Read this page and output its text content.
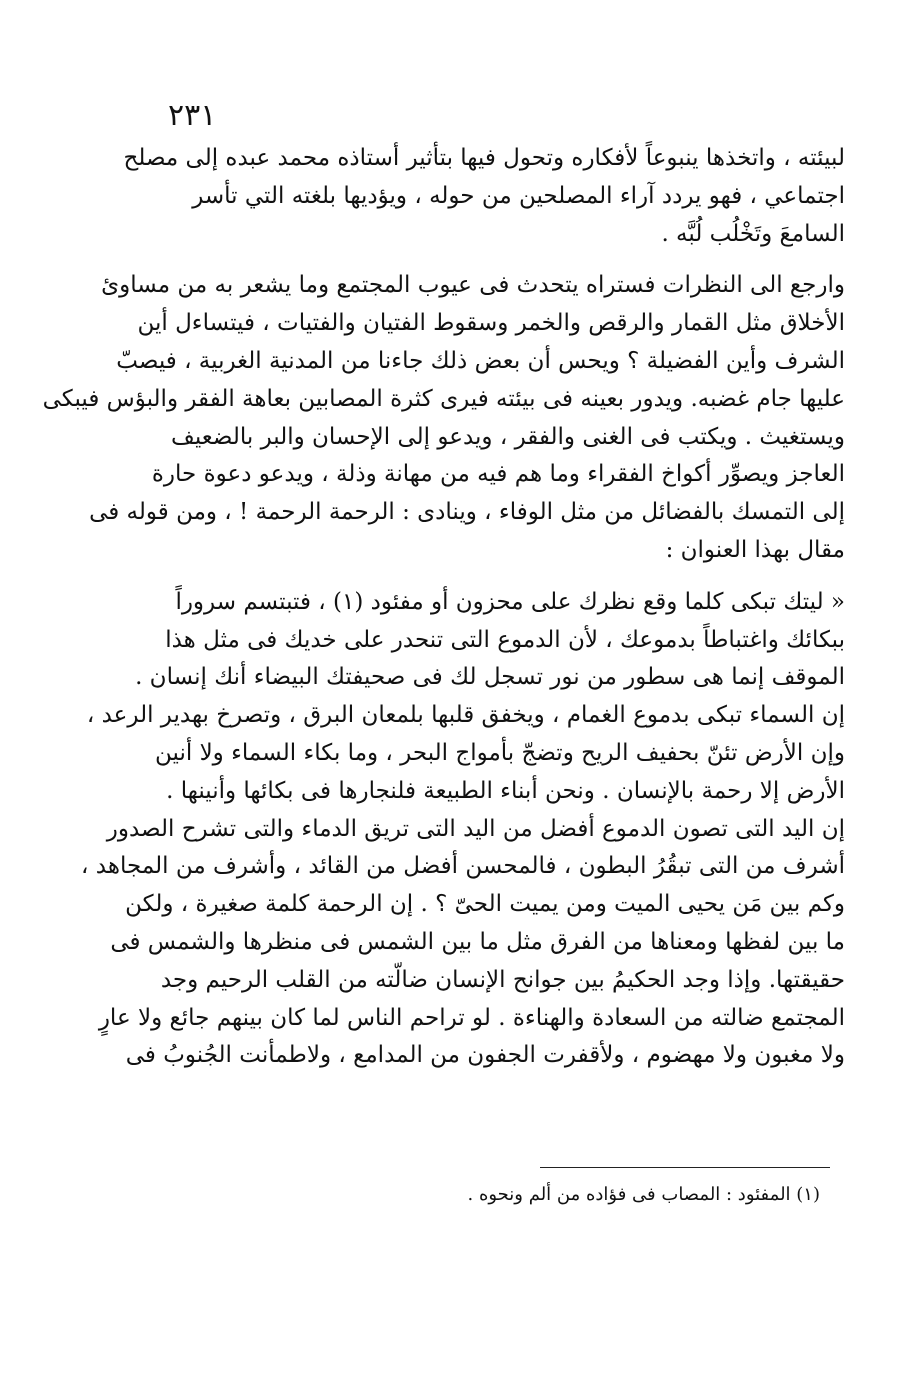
٢٣١
لبيئته ، واتخذها ينبوعاً لأفكاره وتحول فيها بتأثير أستاذه محمد عبده إلى مصلح
اجتماعي ، فهو يردد آراء المصلحين من حوله ، ويؤديها بلغته التي تأسر
السامعَ وتَخْلُب لُبَّه .
وارجع الى النظرات فستراه يتحدث فى عيوب المجتمع وما يشعر به من مساوئ
الأخلاق مثل القمار والرقص والخمر وسقوط الفتيان والفتيات ، فيتساءل أين
الشرف وأين الفضيلة ؟ ويحس أن بعض ذلك جاءنا من المدنية الغربية ، فيصبّ
عليها جام غضبه. ويدور بعينه فى بيئته فيرى كثرة المصابين بعاهة الفقر والبؤس فيبكى
ويستغيث . ويكتب فى الغنى والفقر ، ويدعو إلى الإحسان والبر بالضعيف
العاجز ويصوِّر أكواخ الفقراء وما هم فيه من مهانة وذلة ، ويدعو دعوة حارة
إلى التمسك بالفضائل من مثل الوفاء ، وينادى : الرحمة الرحمة ! ، ومن قوله فى
مقال بهذا العنوان :
« ليتك تبكى كلما وقع نظرك على محزون أو مفئود (١) ، فتبتسم سروراً
ببكائك واغتباطاً بدموعك ، لأن الدموع التى تنحدر على خديك فى مثل هذا
الموقف إنما هى سطور من نور تسجل لك فى صحيفتك البيضاء أنك إنسان .
إن السماء تبكى بدموع الغمام ، ويخفق قلبها بلمعان البرق ، وتصرخ بهدير الرعد ،
وإن الأرض تئنّ بحفيف الريح وتضجّ بأمواج البحر ، وما بكاء السماء ولا أنين
الأرض إلا رحمة بالإنسان . ونحن أبناء الطبيعة فلنجارها فى بكائها وأنينها .
إن اليد التى تصون الدموع أفضل من اليد التى تريق الدماء والتى تشرح الصدور
أشرف من التى تبقُرُ البطون ، فالمحسن أفضل من القائد ، وأشرف من المجاهد ،
وكم بين مَن يحيى الميت ومن يميت الحىّ ؟ . إن الرحمة كلمة صغيرة ، ولكن
ما بين لفظها ومعناها من الفرق مثل ما بين الشمس فى منظرها والشمس فى
حقيقتها. وإذا وجد الحكيمُ بين جوانح الإنسان ضالّته من القلب الرحيم وجد
المجتمع ضالته من السعادة والهناءة . لو تراحم الناس لما كان بينهم جائع ولا عارٍ
ولا مغبون ولا مهضوم ، ولأقفرت الجفون من المدامع ، ولاطمأنت الجُنوبُ فى
(١) المفئود : المصاب فى فؤاده من ألم ونحوه .
